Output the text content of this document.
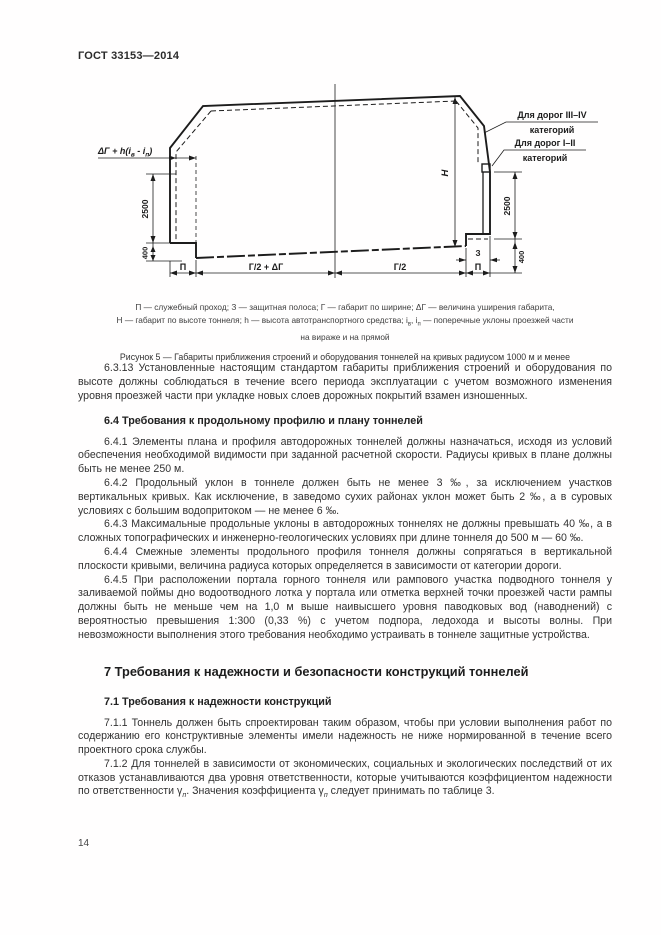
ГОСТ 33153—2014
$\Delta Г + h(i_в - i_п)$
2500
400
П	Г/2 + ΔГ	Г/2	П
З
2500
400
Н
Для дорог III–IV
категорий
Для дорог I–II
категорий
П — служебный проход; З — защитная полоса; Г — габарит по ширине; ΔГ — величина уширения габарита,
Н — габарит по высоте тоннеля; h — высота автотранспортного средства; $i_в$, $i_п$ — поперечные уклоны проезжей части
на вираже и на прямой
Рисунок 5 — Габариты приближения строений и оборудования тоннелей на кривых радиусом 1000 м и менее

6.3.13 Установленные настоящим стандартом габариты приближения строений и оборудования по высоте должны соблюдаться в течение всего периода эксплуатации с учетом возможного изменения уровня проезжей части при укладке новых слоев дорожных покрытий взамен изношенных.

6.4 Требования к продольному профилю и плану тоннелей

6.4.1 Элементы плана и профиля автодорожных тоннелей должны назначаться, исходя из условий обеспечения необходимой видимости при заданной расчетной скорости. Радиусы кривых в плане должны быть не менее 250 м.

6.4.2 Продольный уклон в тоннеле должен быть не менее 3 ‰, за исключением участков вертикальных кривых. Как исключение, в заведомо сухих районах уклон может быть 2 ‰, а в суровых условиях с большим водопритоком — не менее 6 ‰.

6.4.3 Максимальные продольные уклоны в автодорожных тоннелях не должны превышать 40 ‰, а в сложных топографических и инженерно-геологических условиях при длине тоннеля до 500 м — 60 ‰.

6.4.4 Смежные элементы продольного профиля тоннеля должны сопрягаться в вертикальной плоскости кривыми, величина радиуса которых определяется в зависимости от категории дороги.

6.4.5 При расположении портала горного тоннеля или рампового участка подводного тоннеля у заливаемой поймы дно водоотводного лотка у портала или отметка верхней точки проезжей части рампы должны быть не меньше чем на 1,0 м выше наивысшего уровня паводковых вод (наводнений) с вероятностью превышения 1:300 (0,33 %) с учетом подпора, ледохода и высоты волны. При невозможности выполнения этого требования необходимо устраивать в тоннеле защитные устройства.

7 Требования к надежности и безопасности конструкций тоннелей
7.1 Требования к надежности конструкций

7.1.1 Тоннель должен быть спроектирован таким образом, чтобы при условии выполнения работ по содержанию его конструктивные элементы имели надежность не ниже нормированной в течение всего проектного срока службы.

7.1.2 Для тоннелей в зависимости от экономических, социальных и экологических последствий от их отказов устанавливаются два уровня ответственности, которые учитываются коэффициентом надежности по ответственности $\gamma_п$. Значения коэффициента $\gamma_п$ следует принимать по таблице 3.

14
